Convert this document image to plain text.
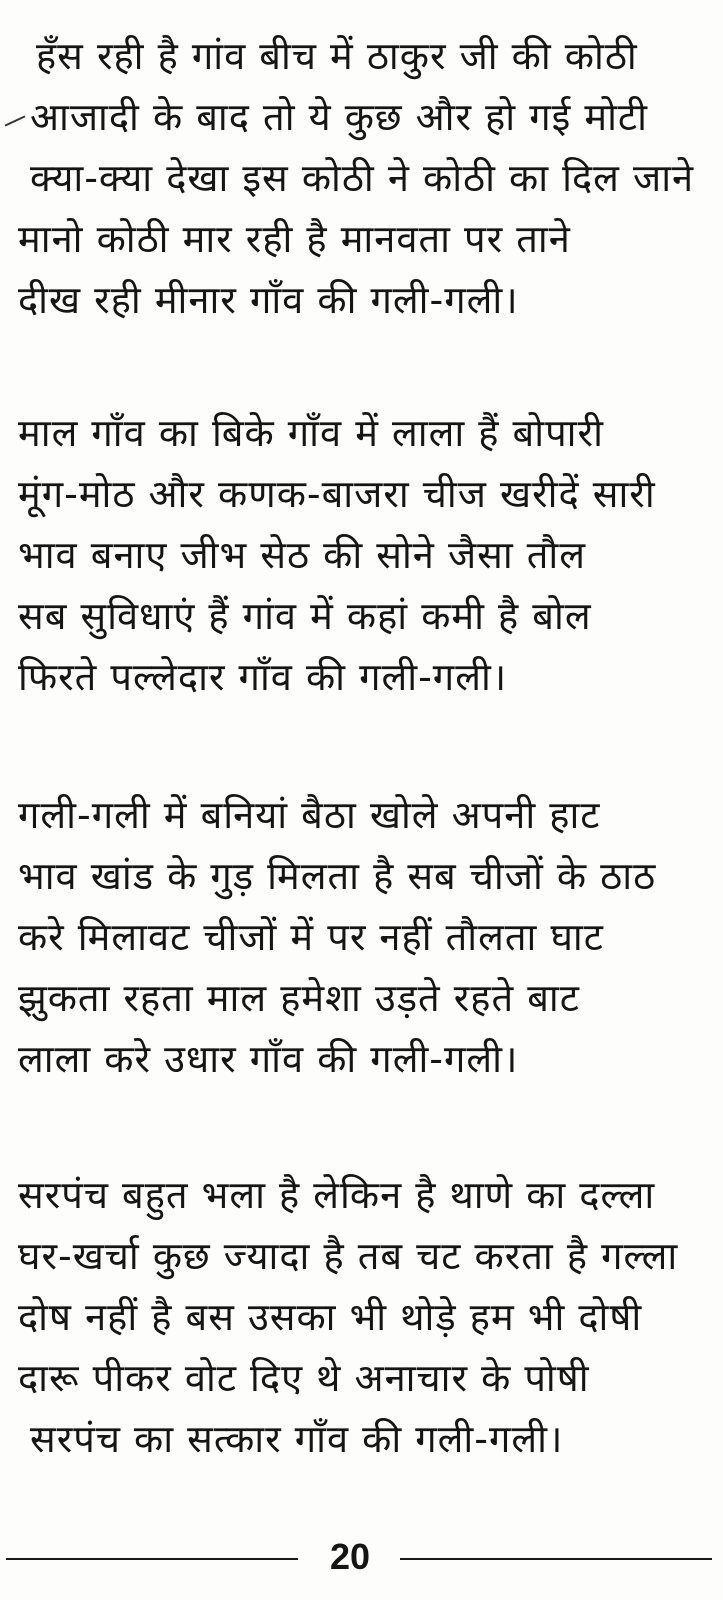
हँस रही है गांव बीच में ठाकुर जी की कोठी
आजादी के बाद तो ये कुछ और हो गई मोटी
क्या-क्या देखा इस कोठी ने कोठी का दिल जाने
मानो कोठी मार रही है मानवता पर ताने
दीख रही मीनार गाँव की गली-गली।
माल गाँव का बिके गाँव में लाला हैं बोपारी
मूंग-मोठ और कणक-बाजरा चीज खरीदें सारी
भाव बनाए जीभ सेठ की सोने जैसा तौल
सब सुविधाएं हैं गांव में कहां कमी है बोल
फिरते पल्लेदार गाँव की गली-गली।
गली-गली में बनियां बैठा खोले अपनी हाट
भाव खांड के गुड़ मिलता है सब चीजों के ठाठ
करे मिलावट चीजों में पर नहीं तौलता घाट
झुकता रहता माल हमेशा उड़ते रहते बाट
लाला करे उधार गाँव की गली-गली।
सरपंच बहुत भला है लेकिन है थाणे का दल्ला
घर-खर्चा कुछ ज्यादा है तब चट करता है गल्ला
दोष नहीं है बस उसका भी थोड़े हम भी दोषी
दारू पीकर वोट दिए थे अनाचार के पोषी
सरपंच का सत्कार गाँव की गली-गली।
20
